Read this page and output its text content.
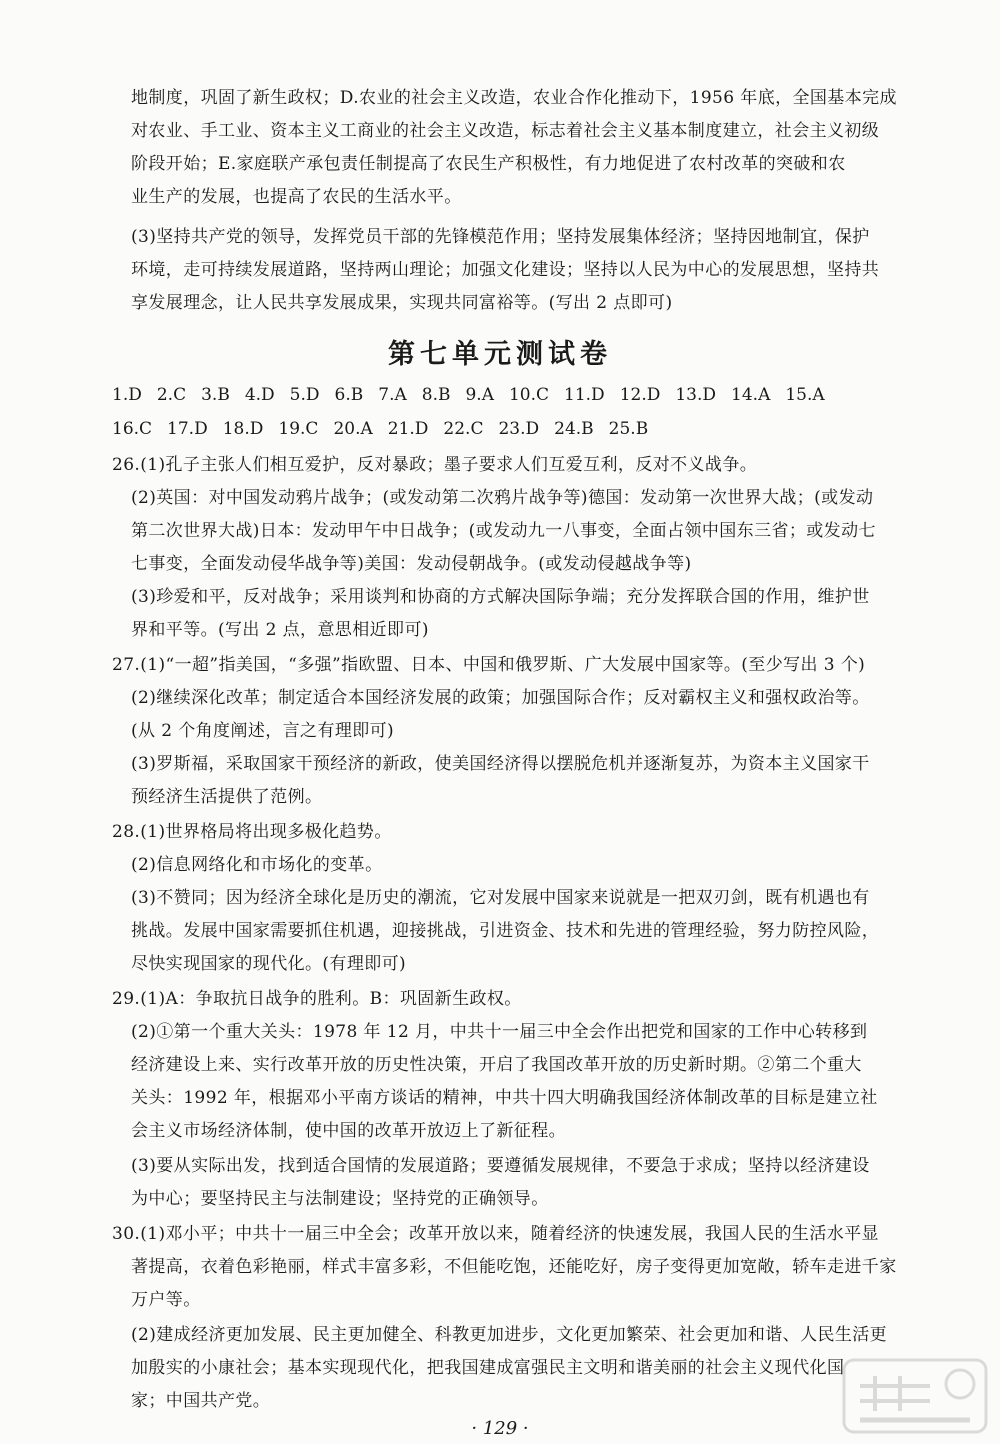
地制度，巩固了新生政权；D.农业的社会主义改造，农业合作化推动下，1956 年底，全国基本完成
对农业、手工业、资本主义工商业的社会主义改造，标志着社会主义基本制度建立，社会主义初级
阶段开始；E.家庭联产承包责任制提高了农民生产积极性，有力地促进了农村改革的突破和农
业生产的发展，也提高了农民的生活水平。
(3)坚持共产党的领导，发挥党员干部的先锋模范作用；坚持发展集体经济；坚持因地制宜，保护
环境，走可持续发展道路，坚持两山理论；加强文化建设；坚持以人民为中心的发展思想，坚持共
享发展理念，让人民共享发展成果，实现共同富裕等。(写出 2 点即可)
第七单元测试卷
1.D 2.C 3.B 4.D 5.D 6.B 7.A 8.B 9.A 10.C 11.D 12.D 13.D 14.A 15.A
16.C 17.D 18.D 19.C 20.A 21.D 22.C 23.D 24.B 25.B
26.(1)孔子主张人们相互爱护，反对暴政；墨子要求人们互爱互利，反对不义战争。
(2)英国：对中国发动鸦片战争；(或发动第二次鸦片战争等)德国：发动第一次世界大战；(或发动
第二次世界大战)日本：发动甲午中日战争；(或发动九一八事变，全面占领中国东三省；或发动七
七事变，全面发动侵华战争等)美国：发动侵朝战争。(或发动侵越战争等)
(3)珍爱和平，反对战争；采用谈判和协商的方式解决国际争端；充分发挥联合国的作用，维护世
界和平等。(写出 2 点，意思相近即可)
27.(1)“一超”指美国，“多强”指欧盟、日本、中国和俄罗斯、广大发展中国家等。(至少写出 3 个)
(2)继续深化改革；制定适合本国经济发展的政策；加强国际合作；反对霸权主义和强权政治等。
(从 2 个角度阐述，言之有理即可)
(3)罗斯福，采取国家干预经济的新政，使美国经济得以摆脱危机并逐渐复苏，为资本主义国家干
预经济生活提供了范例。
28.(1)世界格局将出现多极化趋势。
(2)信息网络化和市场化的变革。
(3)不赞同；因为经济全球化是历史的潮流，它对发展中国家来说就是一把双刃剑，既有机遇也有
挑战。发展中国家需要抓住机遇，迎接挑战，引进资金、技术和先进的管理经验，努力防控风险，
尽快实现国家的现代化。(有理即可)
29.(1)A：争取抗日战争的胜利。B：巩固新生政权。
(2)①第一个重大关头：1978 年 12 月，中共十一届三中全会作出把党和国家的工作中心转移到
经济建设上来、实行改革开放的历史性决策，开启了我国改革开放的历史新时期。②第二个重大
关头：1992 年，根据邓小平南方谈话的精神，中共十四大明确我国经济体制改革的目标是建立社
会主义市场经济体制，使中国的改革开放迈上了新征程。
(3)要从实际出发，找到适合国情的发展道路；要遵循发展规律，不要急于求成；坚持以经济建设
为中心；要坚持民主与法制建设；坚持党的正确领导。
30.(1)邓小平；中共十一届三中全会；改革开放以来，随着经济的快速发展，我国人民的生活水平显
著提高，衣着色彩艳丽，样式丰富多彩，不但能吃饱，还能吃好，房子变得更加宽敞，轿车走进千家
万户等。
(2)建成经济更加发展、民主更加健全、科教更加进步，文化更加繁荣、社会更加和谐、人民生活更
加殷实的小康社会；基本实现现代化，把我国建成富强民主文明和谐美丽的社会主义现代化国
家；中国共产党。
· 129 ·
